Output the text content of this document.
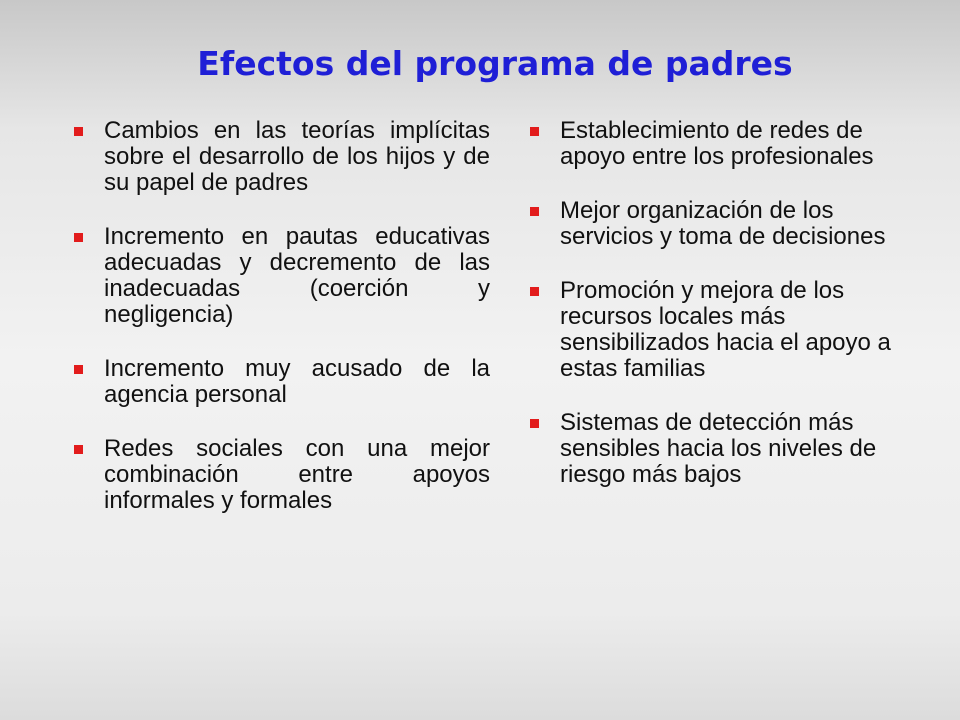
Efectos del programa de padres
Cambios en las teorías implícitas sobre el desarrollo de los hijos y de su papel de padres
Incremento en pautas educativas adecuadas y decremento de las inadecuadas (coerción y negligencia)
Incremento muy acusado de la agencia personal
Redes sociales con una mejor combinación entre apoyos informales y formales
Establecimiento de redes de apoyo entre los profesionales
Mejor organización de los servicios y toma de decisiones
Promoción y mejora de los recursos locales más sensibilizados hacia el apoyo a estas familias
Sistemas de detección más sensibles hacia los niveles de riesgo más bajos
